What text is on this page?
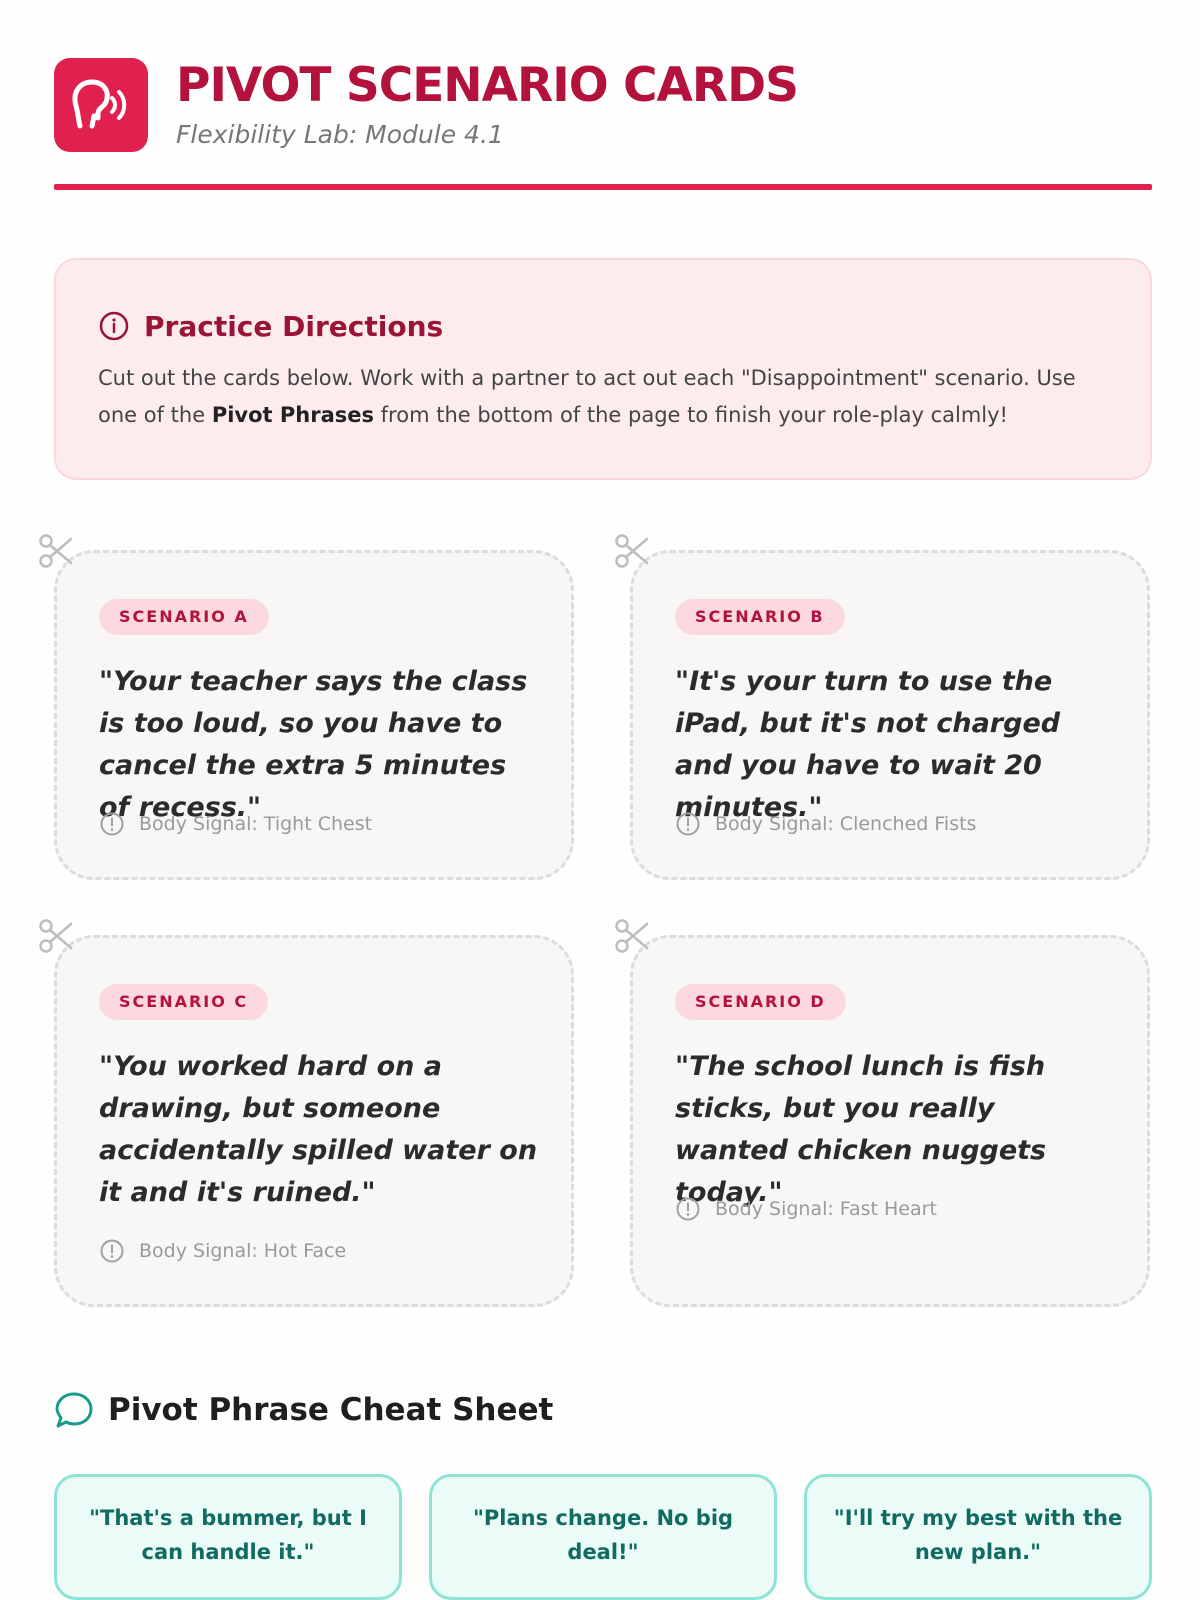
PIVOT SCENARIO CARDS
Flexibility Lab: Module 4.1
Practice Directions
Cut out the cards below. Work with a partner to act out each "Disappointment" scenario. Use one of the Pivot Phrases from the bottom of the page to finish your role-play calmly!
SCENARIO A
"Your teacher says the class is too loud, so you have to cancel the extra 5 minutes of recess."
Body Signal: Tight Chest
SCENARIO B
"It's your turn to use the iPad, but it's not charged and you have to wait 20 minutes."
Body Signal: Clenched Fists
SCENARIO C
"You worked hard on a drawing, but someone accidentally spilled water on it and it's ruined."
Body Signal: Hot Face
SCENARIO D
"The school lunch is fish sticks, but you really wanted chicken nuggets today."
Body Signal: Fast Heart
Pivot Phrase Cheat Sheet
"That's a bummer, but I can handle it."
"Plans change. No big deal!"
"I'll try my best with the new plan."
